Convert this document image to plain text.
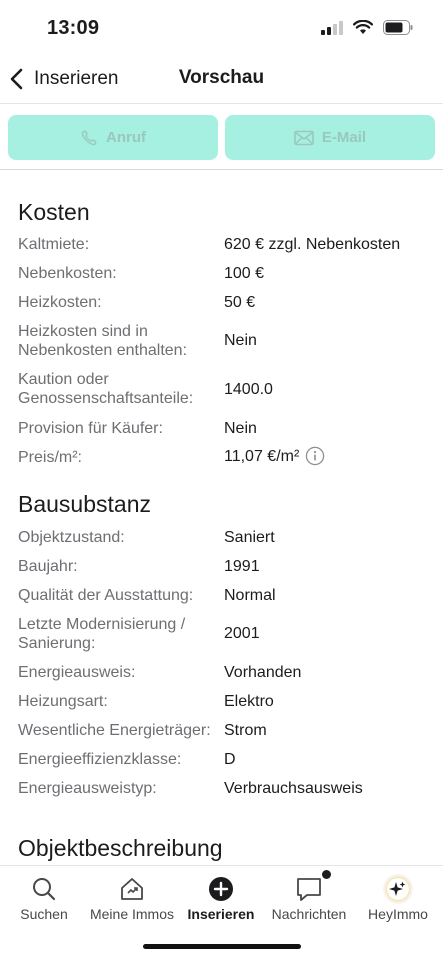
13:09
Vorschau
Inserieren
Anruf	E-Mail
Kosten
Kaltmiete:	620 € zzgl. Nebenkosten
Nebenkosten:	100 €
Heizkosten:	50 €
Heizkosten sind in Nebenkosten enthalten:
Nein
Kaution oder Genossenschaftsanteile:
1400.0
Provision für Käufer:	Nein
Preis/m²:	11,07 €/m²
Bausubstanz
Objektzustand:	Saniert
Baujahr:	1991
Qualität der Ausstattung:	Normal
Letzte Modernisierung / Sanierung:
2001
Energieausweis:	Vorhanden
Heizungsart:	Elektro
Wesentliche Energieträger: Strom
Energieeffizienzklasse:	D
Energieausweistyp:	Verbrauchsausweis
Objektbeschreibung
Suchen	Meine Immos Inserieren	Nachrichten	HeyImmo
